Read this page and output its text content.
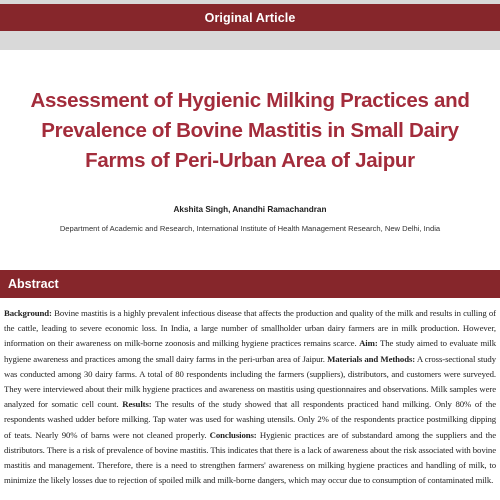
Original Article
Assessment of Hygienic Milking Practices and Prevalence of Bovine Mastitis in Small Dairy Farms of Peri-Urban Area of Jaipur
Akshita Singh, Anandhi Ramachandran
Department of Academic and Research, International Institute of Health Management Research, New Delhi, India
Abstract

Background: Bovine mastitis is a highly prevalent infectious disease that affects the production and quality of the milk and results in culling of the cattle, leading to severe economic loss. In India, a large number of smallholder urban dairy farmers are in milk production. However, information on their awareness on milk-borne zoonosis and milking hygiene practices remains scarce. Aim: The study aimed to evaluate milk hygiene awareness and practices among the small dairy farms in the peri-urban area of Jaipur. Materials and Methods: A cross-sectional study was conducted among 30 dairy farms. A total of 80 respondents including the farmers (suppliers), distributors, and customers were surveyed. They were interviewed about their milk hygiene practices and awareness on mastitis using questionnaires and observations. Milk samples were analyzed for somatic cell count. Results: The results of the study showed that all respondents practiced hand milking. Only 80% of the respondents washed udder before milking. Tap water was used for washing utensils. Only 2% of the respondents practice postmilking dipping of teats. Nearly 90% of barns were not cleaned properly. Conclusions: Hygienic practices are of substandard among the suppliers and the distributors. There is a risk of prevalence of bovine mastitis. This indicates that there is a lack of awareness about the risk associated with bovine mastitis and management. Therefore, there is a need to strengthen farmers' awareness on milking hygiene practices and handling of milk, to minimize the likely losses due to rejection of spoiled milk and milk-borne dangers, which may occur due to consumption of contaminated milk.
